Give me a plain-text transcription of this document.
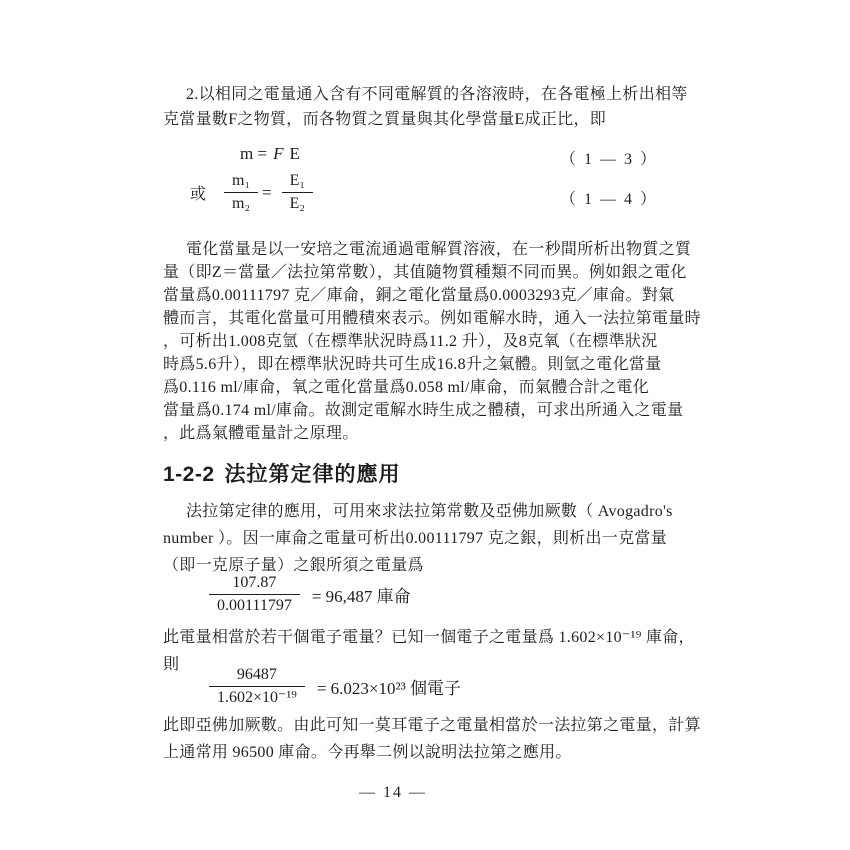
2.以相同之電量通入含有不同電解質的各溶液時，在各電極上析出相等
克當量數F之物質，而各物質之質量與其化學當量E成正比，即
m = F E	（ 1 — 3 ）
或 $\frac{\text{m₁}}{\text{m₂}} = \frac{\text{E₁}}{\text{E₂}}$	（ 1 — 4 ）
電化當量是以一安培之電流通過電解質溶液，在一秒間所析出物質之質
量（即Z＝當量／法拉第常數），其值隨物質種類不同而異。例如銀之電化
當量爲0.00111797 克／庫侖，銅之電化當量爲0.0003293克／庫侖。對氣
體而言，其電化當量可用體積來表示。例如電解水時，通入一法拉第電量時
，可析出1.008克氫（在標準狀況時爲11.2 升），及8克氧（在標準狀況
時爲5.6升），即在標準狀況時共可生成16.8升之氣體。則氫之電化當量
爲0.116 ml/庫侖，氧之電化當量爲0.058 ml/庫侖，而氣體合計之電化
當量爲0.174 ml/庫侖。故測定電解水時生成之體積，可求出所通入之電量
，此爲氣體電量計之原理。
1-2-2 法拉第定律的應用
法拉第定律的應用，可用來求法拉第常數及亞佛加厥數（ Avogadro's
number ）。因一庫侖之電量可析出0.00111797 克之銀，則析出一克當量
（即一克原子量）之銀所須之電量爲
$\frac{107.87}{0.00111797} = 96,487$ 庫侖
此電量相當於若干個電子電量？已知一個電子之電量爲 1.602×10⁻¹⁹ 庫侖，
則
$\frac{96487}{\text{1.602×10⁻¹⁹}} = 6.023\times 10^{23}$ 個電子
此即亞佛加厥數。由此可知一莫耳電子之電量相當於一法拉第之電量，計算
上通常用 96500 庫侖。今再舉二例以說明法拉第之應用。
— 14 —
